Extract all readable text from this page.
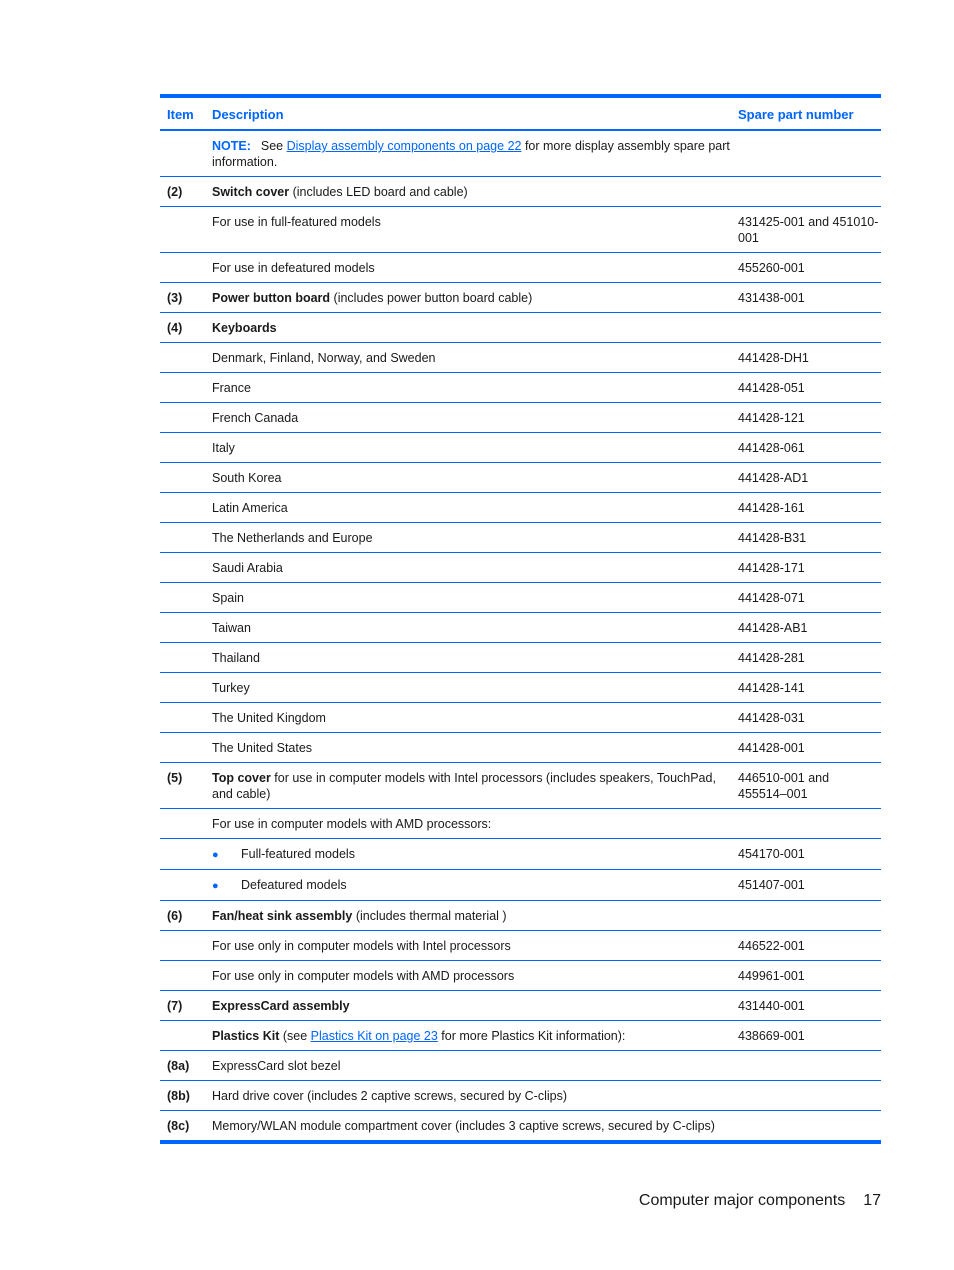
Item	Description	Spare part number
	NOTE: See Display assembly components on page 22 for more display assembly spare part information.	
(2)	Switch cover (includes LED board and cable)	
	For use in full-featured models	431425-001 and 451010-001
	For use in defeatured models	455260-001
(3)	Power button board (includes power button board cable)	431438-001
(4)	Keyboards	
	Denmark, Finland, Norway, and Sweden	441428-DH1
	France	441428-051
	French Canada	441428-121
	Italy	441428-061
	South Korea	441428-AD1
	Latin America	441428-161
	The Netherlands and Europe	441428-B31
	Saudi Arabia	441428-171
	Spain	441428-071
	Taiwan	441428-AB1
	Thailand	441428-281
	Turkey	441428-141
	The United Kingdom	441428-031
	The United States	441428-001
(5)	Top cover for use in computer models with Intel processors (includes speakers, TouchPad, and cable)	446510-001 and 455514–001
	For use in computer models with AMD processors:	
	● Full-featured models	454170-001
	● Defeatured models	451407-001
(6)	Fan/heat sink assembly (includes thermal material )	
	For use only in computer models with Intel processors	446522-001
	For use only in computer models with AMD processors	449961-001
(7)	ExpressCard assembly	431440-001
	Plastics Kit (see Plastics Kit on page 23 for more Plastics Kit information):	438669-001
(8a)	ExpressCard slot bezel	
(8b)	Hard drive cover (includes 2 captive screws, secured by C-clips)	
(8c)	Memory/WLAN module compartment cover (includes 3 captive screws, secured by C-clips)	
Computer major components 17
